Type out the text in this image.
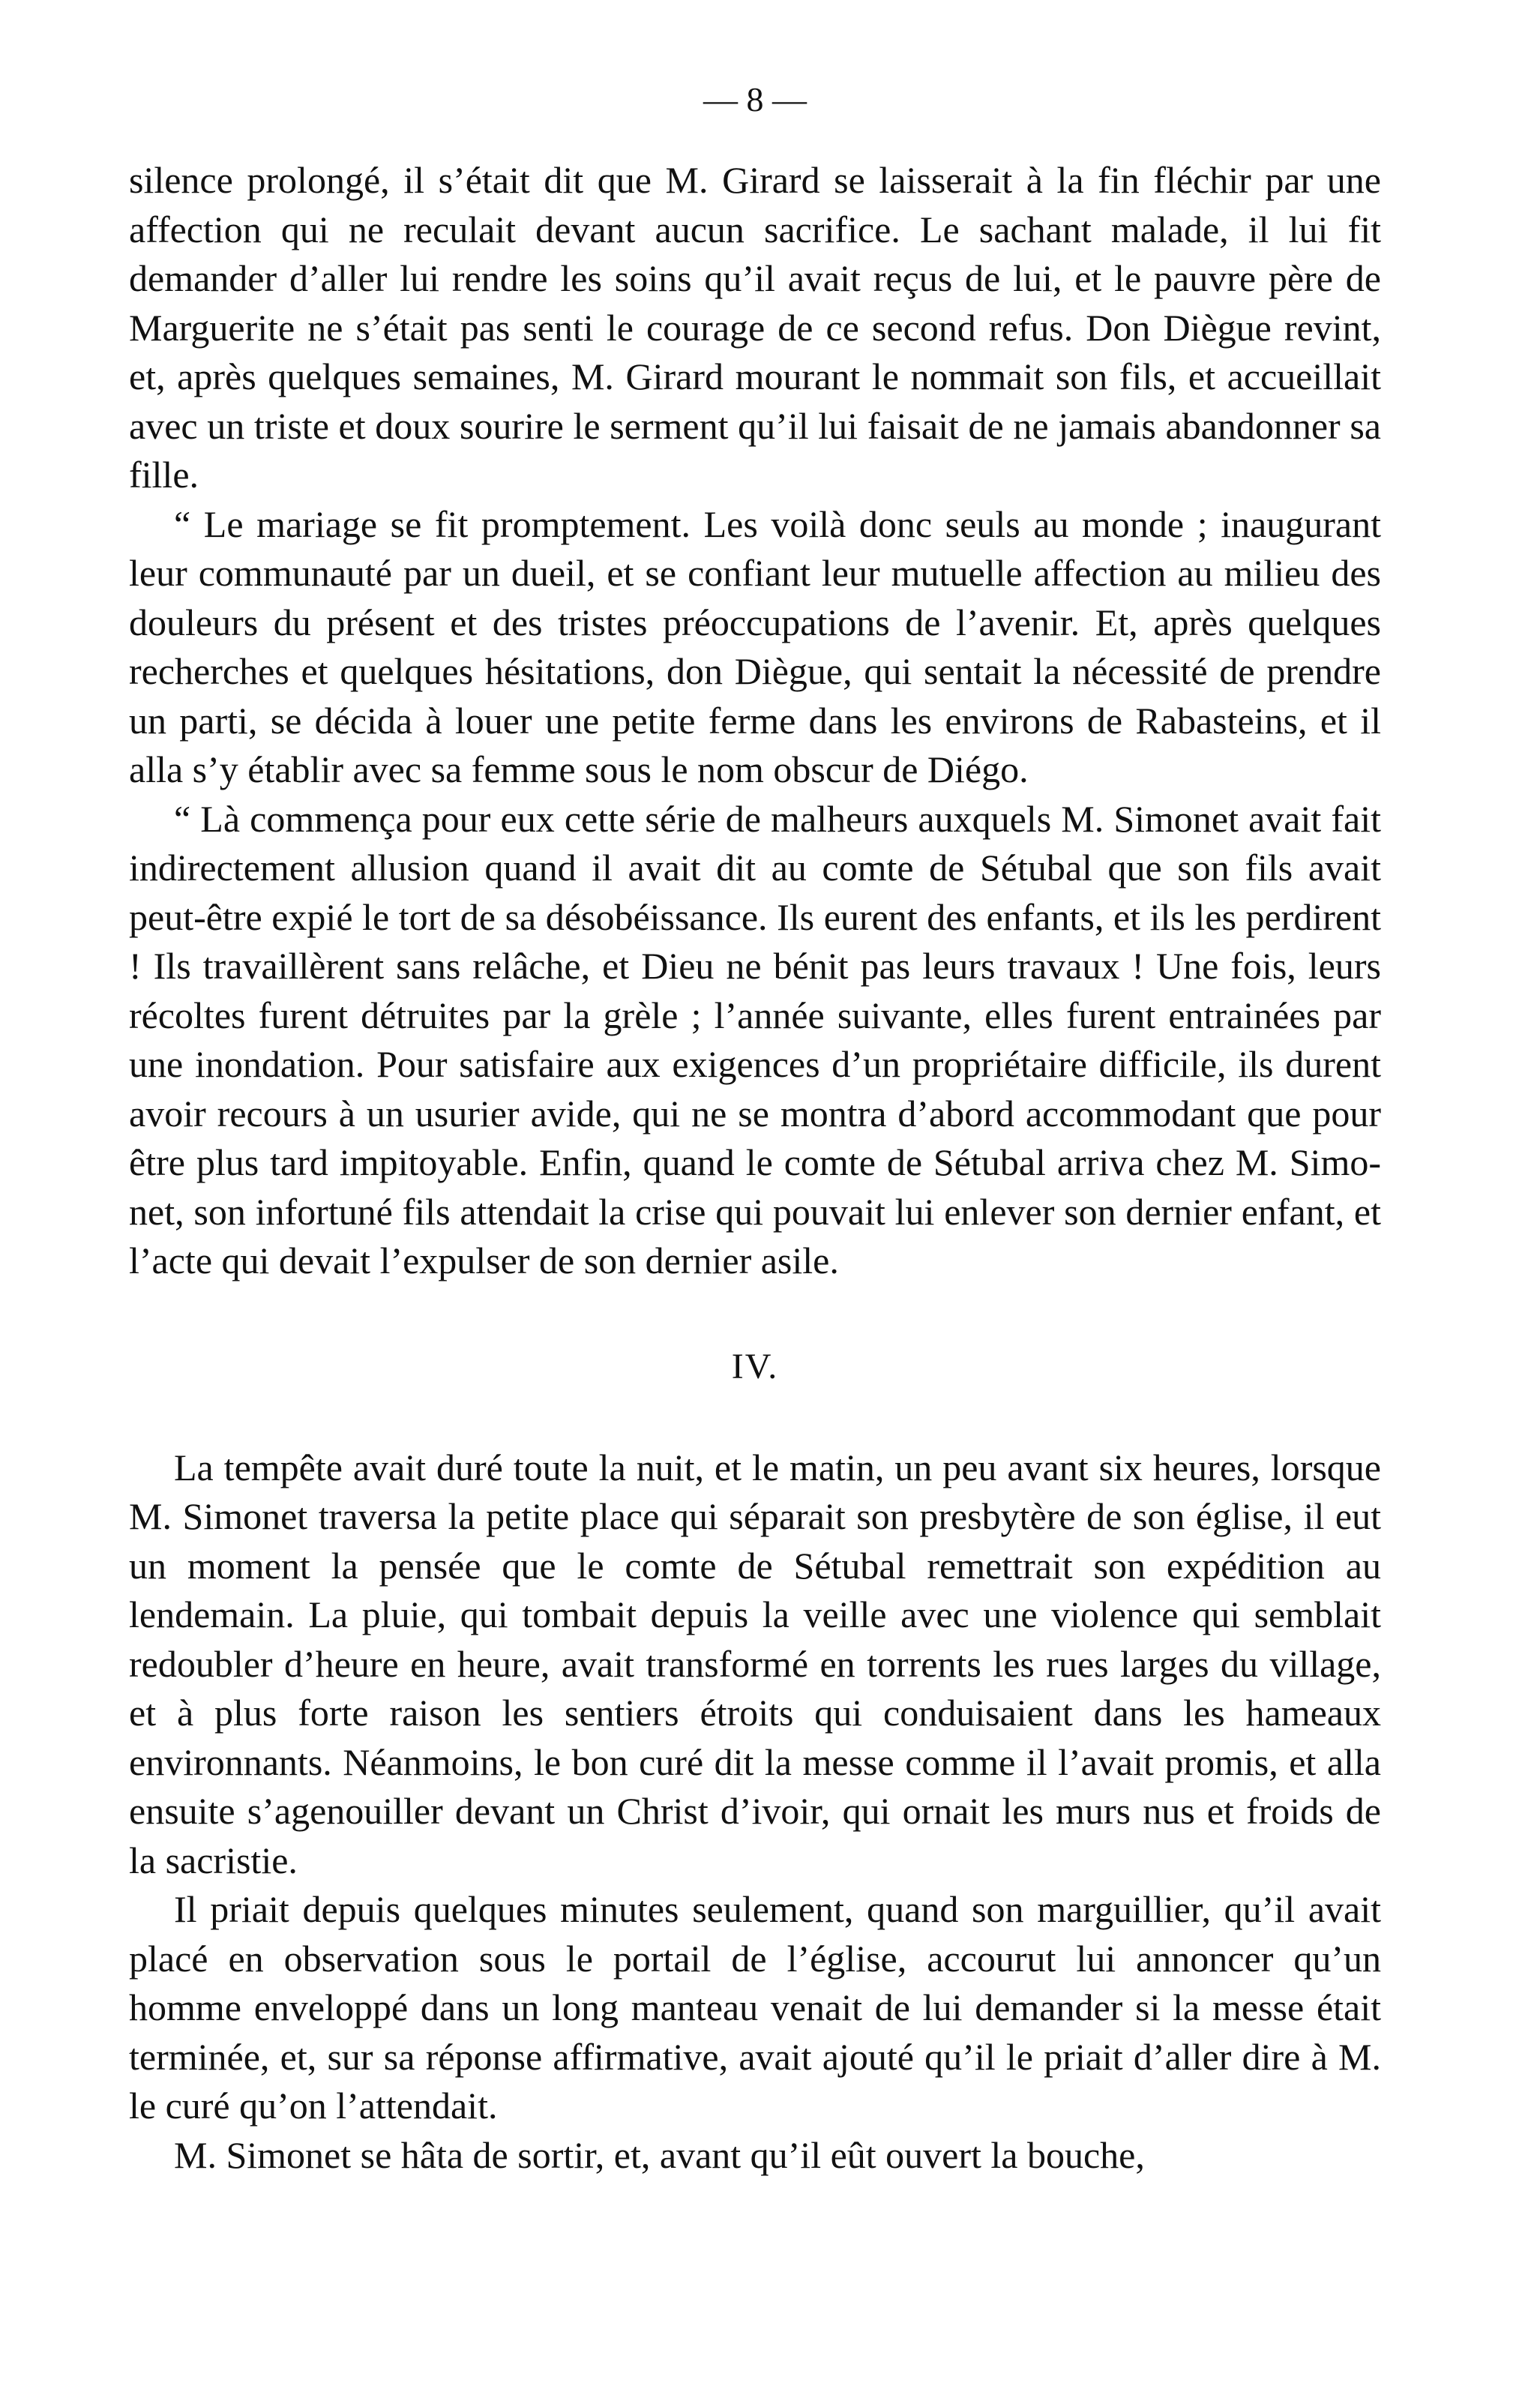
— 8 —

silence prolongé, il s’était dit que M. Girard se laisserait à la fin fléchir par une affection qui ne reculait devant aucun sacrifice. Le sachant malade, il lui fit demander d’aller lui rendre les soins qu’il avait reçus de lui, et le pauvre père de Marguerite ne s’était pas senti le courage de ce second refus. Don Diègue revint, et, après quelques semaines, M. Girard mourant le nommait son fils, et accueillait avec un triste et doux sourire le serment qu’il lui faisait de ne jamais abandonner sa fille.

“ Le mariage se fit promptement. Les voilà donc seuls au monde ; inaugurant leur communauté par un dueil, et se confiant leur mutuelle affection au milieu des douleurs du présent et des tristes préoccupations de l’avenir. Et, après quelques recherches et quelques hésitations, don Diègue, qui sentait la nécessité de prendre un parti, se décida à louer une petite ferme dans les environs de Rabasteins, et il alla s’y établir avec sa femme sous le nom obscur de Diégo.

“ Là commença pour eux cette série de malheurs auxquels M. Simonet avait fait indirectement allusion quand il avait dit au comte de Sétubal que son fils avait peut-être expié le tort de sa désobéissance. Ils eurent des enfants, et ils les perdirent ! Ils travaillèrent sans relâche, et Dieu ne bénit pas leurs travaux ! Une fois, leurs récoltes furent détruites par la grèle ; l’année suivante, elles furent entrainées par une inondation. Pour satisfaire aux exigences d’un propriétaire difficile, ils durent avoir recours à un usurier avide, qui ne se montra d’abord accommodant que pour être plus tard impitoyable. Enfin, quand le comte de Sétubal arriva chez M. Simonet, son infortuné fils attendait la crise qui pouvait lui enlever son dernier enfant, et l’acte qui devait l’expulser de son dernier asile.

IV.

La tempête avait duré toute la nuit, et le matin, un peu avant six heures, lorsque M. Simonet traversa la petite place qui séparait son presbytère de son église, il eut un moment la pensée que le comte de Sétubal remettrait son expédition au lendemain. La pluie, qui tombait depuis la veille avec une violence qui semblait redoubler d’heure en heure, avait transformé en torrents les rues larges du village, et à plus forte raison les sentiers étroits qui conduisaient dans les hameaux environnants. Néanmoins, le bon curé dit la messe comme il l’avait promis, et alla ensuite s’agenouiller devant un Christ d’ivoir, qui ornait les murs nus et froids de la sacristie.

Il priait depuis quelques minutes seulement, quand son marguillier, qu’il avait placé en observation sous le portail de l’église, accourut lui annoncer qu’un homme enveloppé dans un long manteau venait de lui demander si la messe était terminée, et, sur sa réponse affirmative, avait ajouté qu’il le priait d’aller dire à M. le curé qu’on l’attendait.

M. Simonet se hâta de sortir, et, avant qu’il eût ouvert la bouche,
